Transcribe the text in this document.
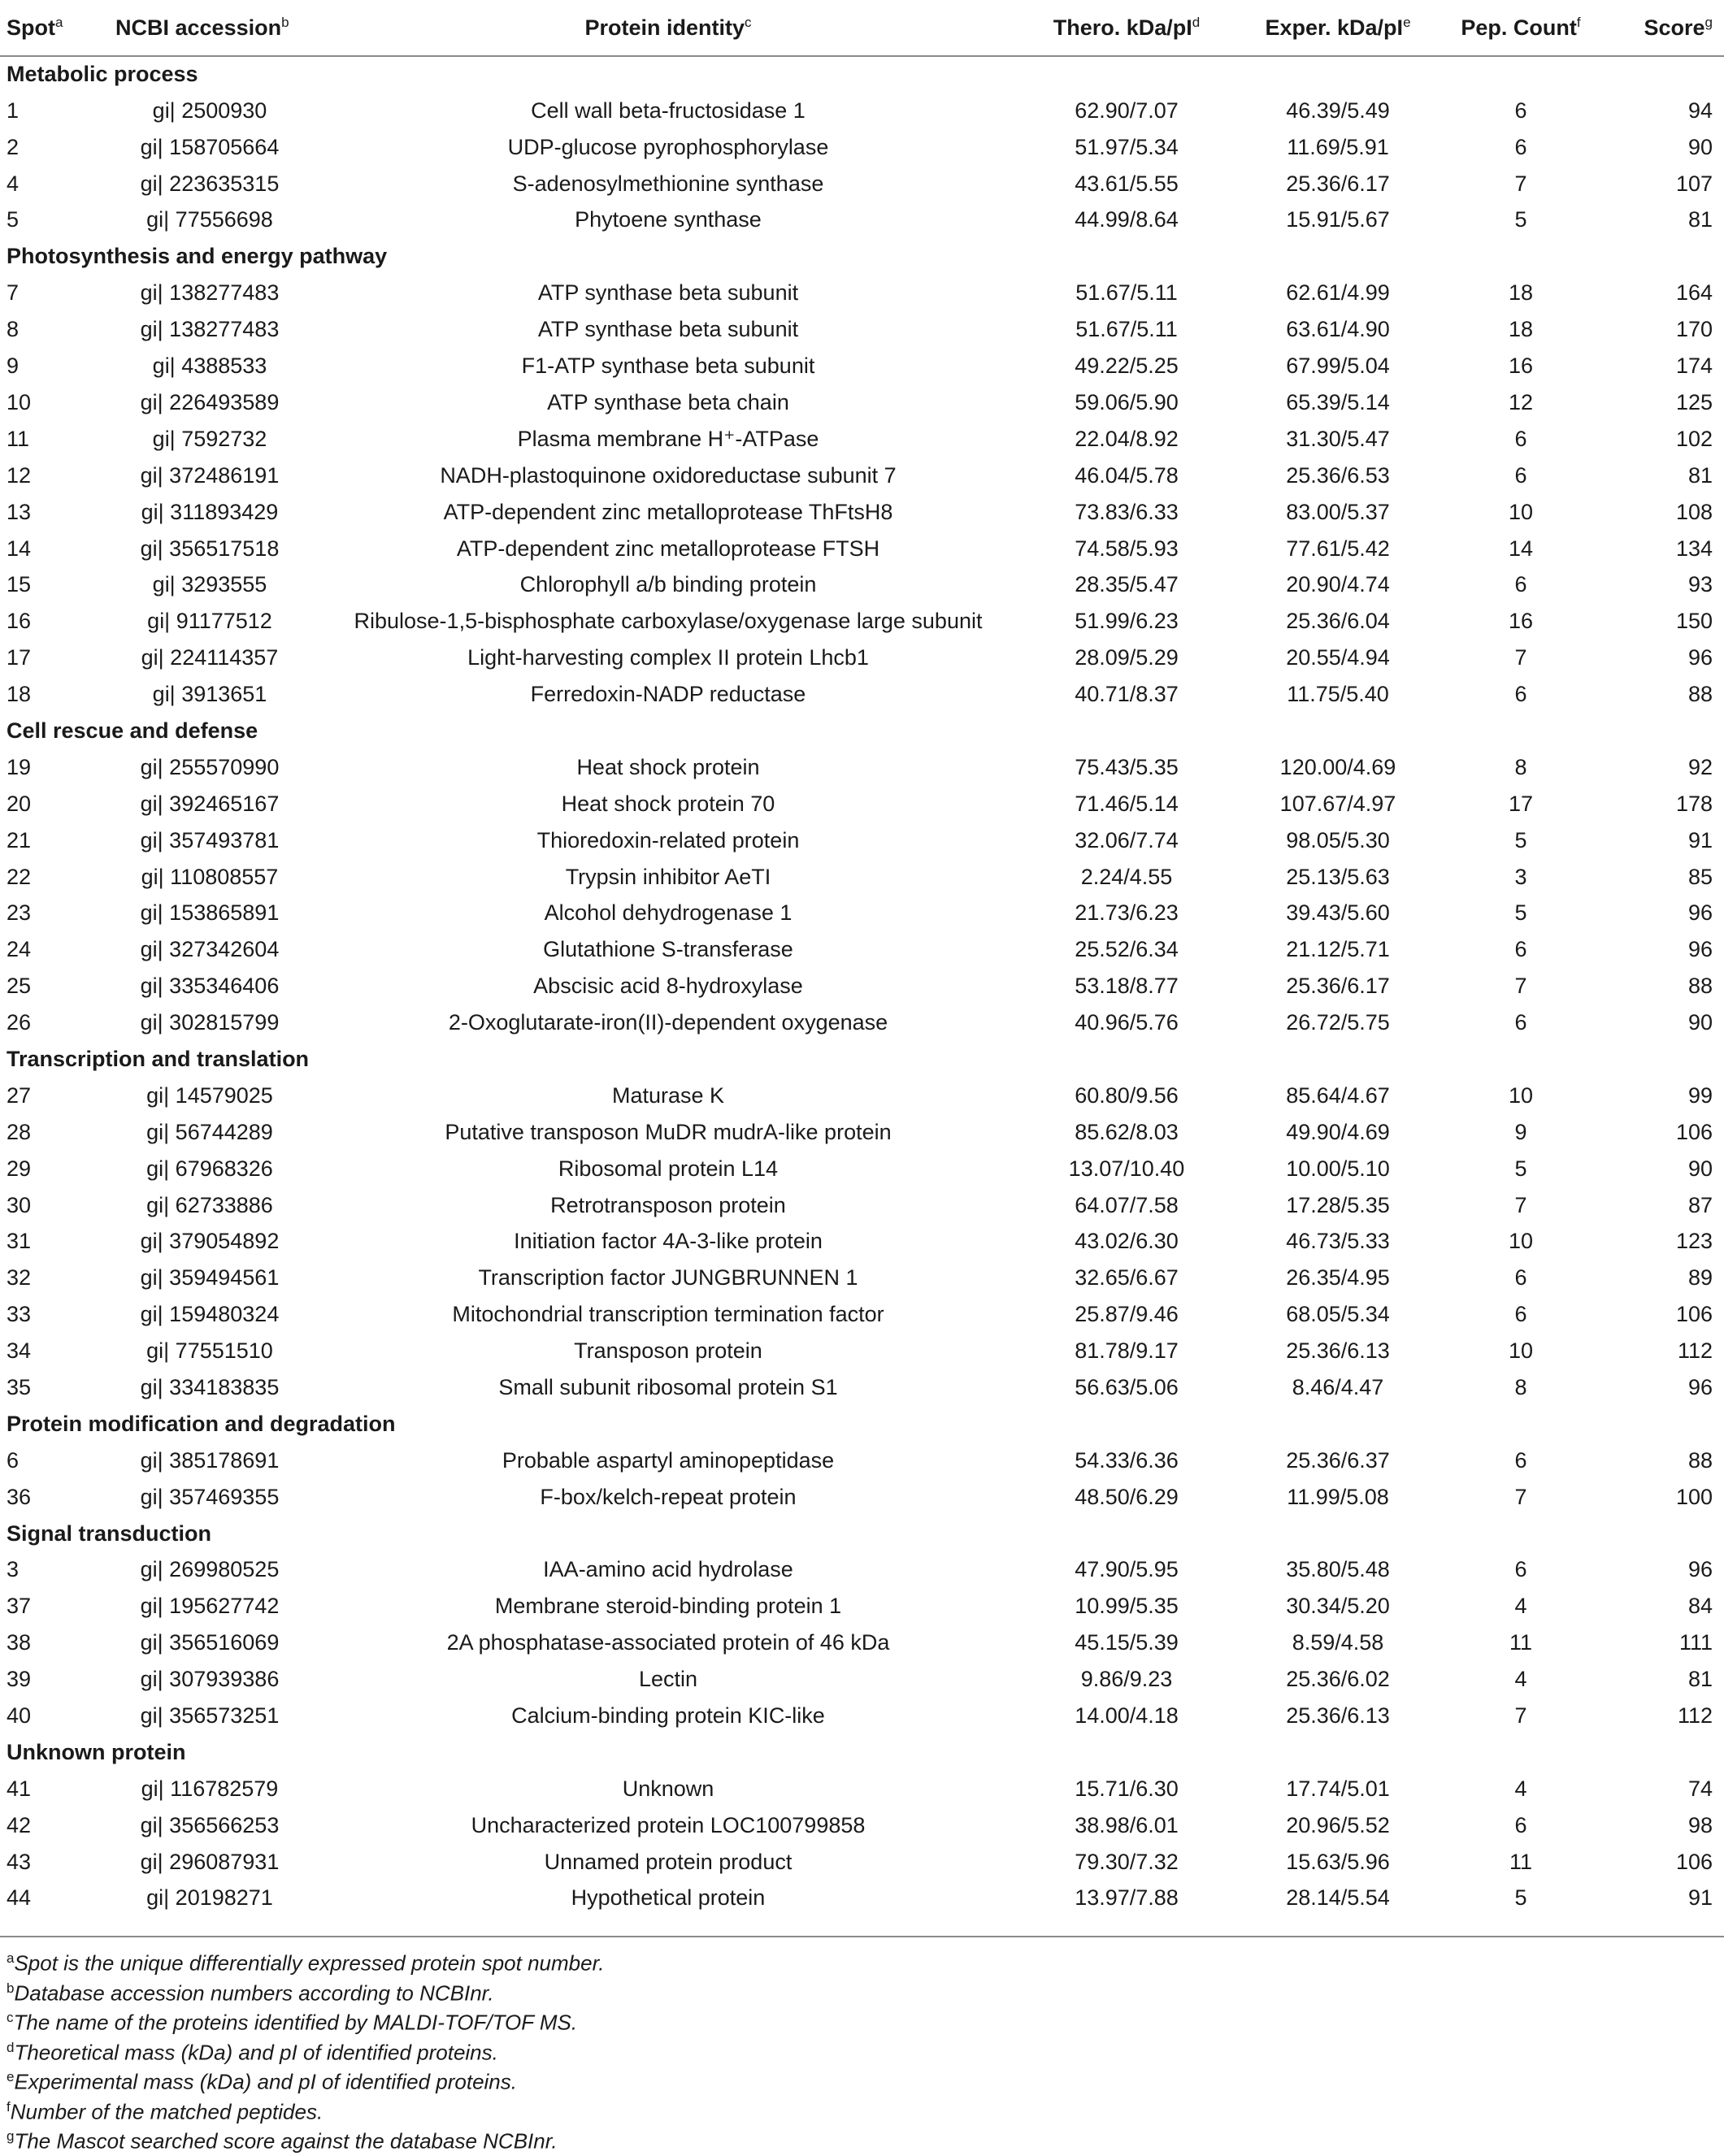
Spot$^a$	NCBI accession$^b$	Protein identity$^c$	Thero. kDa/$pI^d$	Exper. kDa/$pI^e$	Pep. Count$^f$	Score$^g$
Metabolic process						
1	gi| 2500930	Cell wall beta-fructosidase 1	62.90/7.07	46.39/5.49	6	94
2	gi| 158705664	UDP-glucose pyrophosphorylase	51.97/5.34	11.69/5.91	6	90
4	gi| 223635315	S-adenosylmethionine synthase	43.61/5.55	25.36/6.17	7	107
5	gi| 77556698	Phytoene synthase	44.99/8.64	15.91/5.67	5	81
Photosynthesis and energy pathway						
7	gi| 138277483	ATP synthase beta subunit	51.67/5.11	62.61/4.99	18	164
8	gi| 138277483	ATP synthase beta subunit	51.67/5.11	63.61/4.90	18	170
9	gi| 4388533	F1-ATP synthase beta subunit	49.22/5.25	67.99/5.04	16	174
10	gi| 226493589	ATP synthase beta chain	59.06/5.90	65.39/5.14	12	125
11	gi| 7592732	Plasma membrane H⁺-ATPase	22.04/8.92	31.30/5.47	6	102
12	gi| 372486191	NADH-plastoquinone oxidoreductase subunit 7	46.04/5.78	25.36/6.53	6	81
13	gi| 311893429	ATP-dependent zinc metalloprotease ThFtsH8	73.83/6.33	83.00/5.37	10	108
14	gi| 356517518	ATP-dependent zinc metalloprotease FTSH	74.58/5.93	77.61/5.42	14	134
15	gi| 3293555	Chlorophyll a/b binding protein	28.35/5.47	20.90/4.74	6	93
16	gi| 91177512	Ribulose-1,5-bisphosphate carboxylase/oxygenase large subunit	51.99/6.23	25.36/6.04	16	150
17	gi| 224114357	Light-harvesting complex II protein Lhcb1	28.09/5.29	20.55/4.94	7	96
18	gi| 3913651	Ferredoxin-NADP reductase	40.71/8.37	11.75/5.40	6	88
Cell rescue and defense						
19	gi| 255570990	Heat shock protein	75.43/5.35	120.00/4.69	8	92
20	gi| 392465167	Heat shock protein 70	71.46/5.14	107.67/4.97	17	178
21	gi| 357493781	Thioredoxin-related protein	32.06/7.74	98.05/5.30	5	91
22	gi| 110808557	Trypsin inhibitor AeTI	2.24/4.55	25.13/5.63	3	85
23	gi| 153865891	Alcohol dehydrogenase 1	21.73/6.23	39.43/5.60	5	96
24	gi| 327342604	Glutathione S-transferase	25.52/6.34	21.12/5.71	6	96
25	gi| 335346406	Abscisic acid 8-hydroxylase	53.18/8.77	25.36/6.17	7	88
26	gi| 302815799	2-Oxoglutarate-iron(II)-dependent oxygenase	40.96/5.76	26.72/5.75	6	90
Transcription and translation						
27	gi| 14579025	Maturase K	60.80/9.56	85.64/4.67	10	99
28	gi| 56744289	Putative transposon MuDR mudrA-like protein	85.62/8.03	49.90/4.69	9	106
29	gi| 67968326	Ribosomal protein L14	13.07/10.40	10.00/5.10	5	90
30	gi| 62733886	Retrotransposon protein	64.07/7.58	17.28/5.35	7	87
31	gi| 379054892	Initiation factor 4A-3-like protein	43.02/6.30	46.73/5.33	10	123
32	gi| 359494561	Transcription factor JUNGBRUNNEN 1	32.65/6.67	26.35/4.95	6	89
33	gi| 159480324	Mitochondrial transcription termination factor	25.87/9.46	68.05/5.34	6	106
34	gi| 77551510	Transposon protein	81.78/9.17	25.36/6.13	10	112
35	gi| 334183835	Small subunit ribosomal protein S1	56.63/5.06	8.46/4.47	8	96
Protein modification and degradation						
6	gi| 385178691	Probable aspartyl aminopeptidase	54.33/6.36	25.36/6.37	6	88
36	gi| 357469355	F-box/kelch-repeat protein	48.50/6.29	11.99/5.08	7	100
Signal transduction						
3	gi| 269980525	IAA-amino acid hydrolase	47.90/5.95	35.80/5.48	6	96
37	gi| 195627742	Membrane steroid-binding protein 1	10.99/5.35	30.34/5.20	4	84
38	gi| 356516069	2A phosphatase-associated protein of 46 kDa	45.15/5.39	8.59/4.58	11	111
39	gi| 307939386	Lectin	9.86/9.23	25.36/6.02	4	81
40	gi| 356573251	Calcium-binding protein KIC-like	14.00/4.18	25.36/6.13	7	112
Unknown protein						
41	gi| 116782579	Unknown	15.71/6.30	17.74/5.01	4	74
42	gi| 356566253	Uncharacterized protein LOC100799858	38.98/6.01	20.96/5.52	6	98
43	gi| 296087931	Unnamed protein product	79.30/7.32	15.63/5.96	11	106
44	gi| 20198271	Hypothetical protein	13.97/7.88	28.14/5.54	5	91
$^a$Spot is the unique differentially expressed protein spot number.
$^b$Database accession numbers according to NCBInr.
$^c$The name of the proteins identified by MALDI-TOF/TOF MS.
$^d$Theoretical mass (kDa) and pI of identified proteins.
$^e$Experimental mass (kDa) and pI of identified proteins.
$^f$Number of the matched peptides.
$^g$The Mascot searched score against the database NCBInr.
